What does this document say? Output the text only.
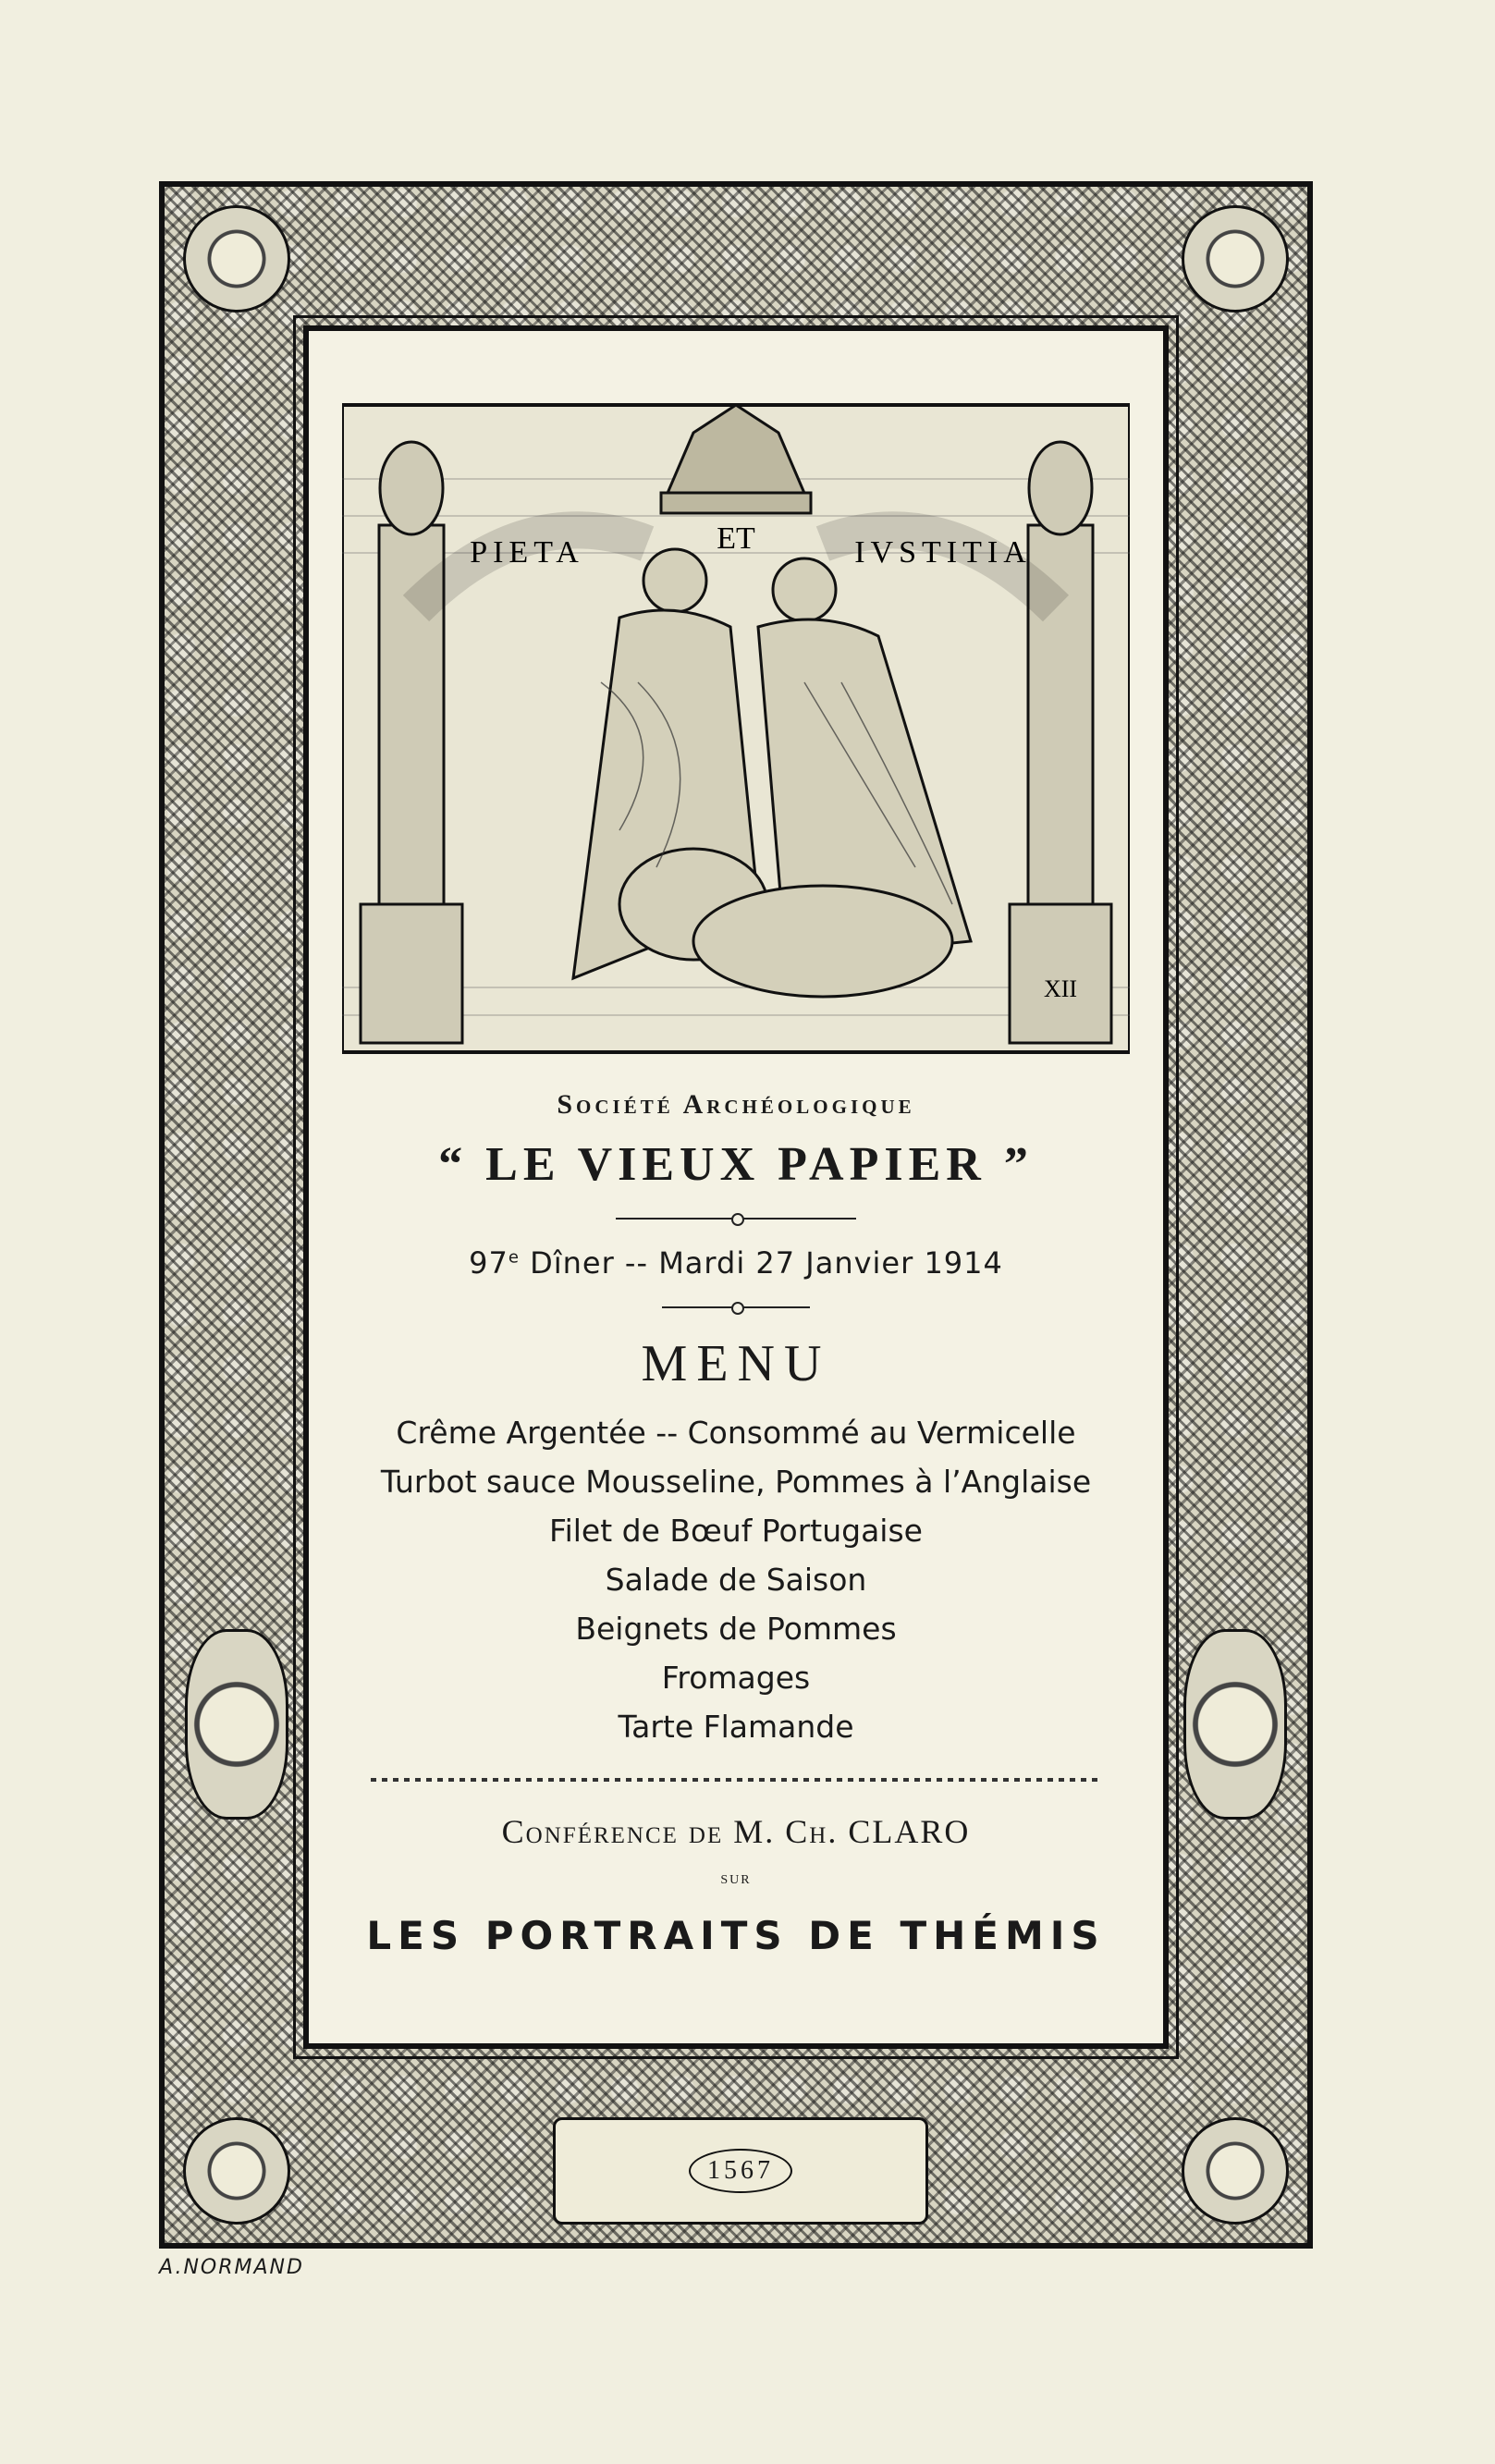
1567
XII
PIETA	IVSTITIA
ET

Société Archéologique

“ LE VIEUX PAPIER ”

97e Dîner -- Mardi 27 Janvier 1914

MENU
Crême Argentée -- Consommé au Vermicelle
Turbot sauce Mousseline, Pommes à l’Anglaise
Filet de Bœuf Portugaise
Salade de Saison
Beignets de Pommes
Fromages
Tarte Flamande

Conférence de M. Ch. CLARO

sur

LES PORTRAITS DE THÉMIS

A.NORMAND
